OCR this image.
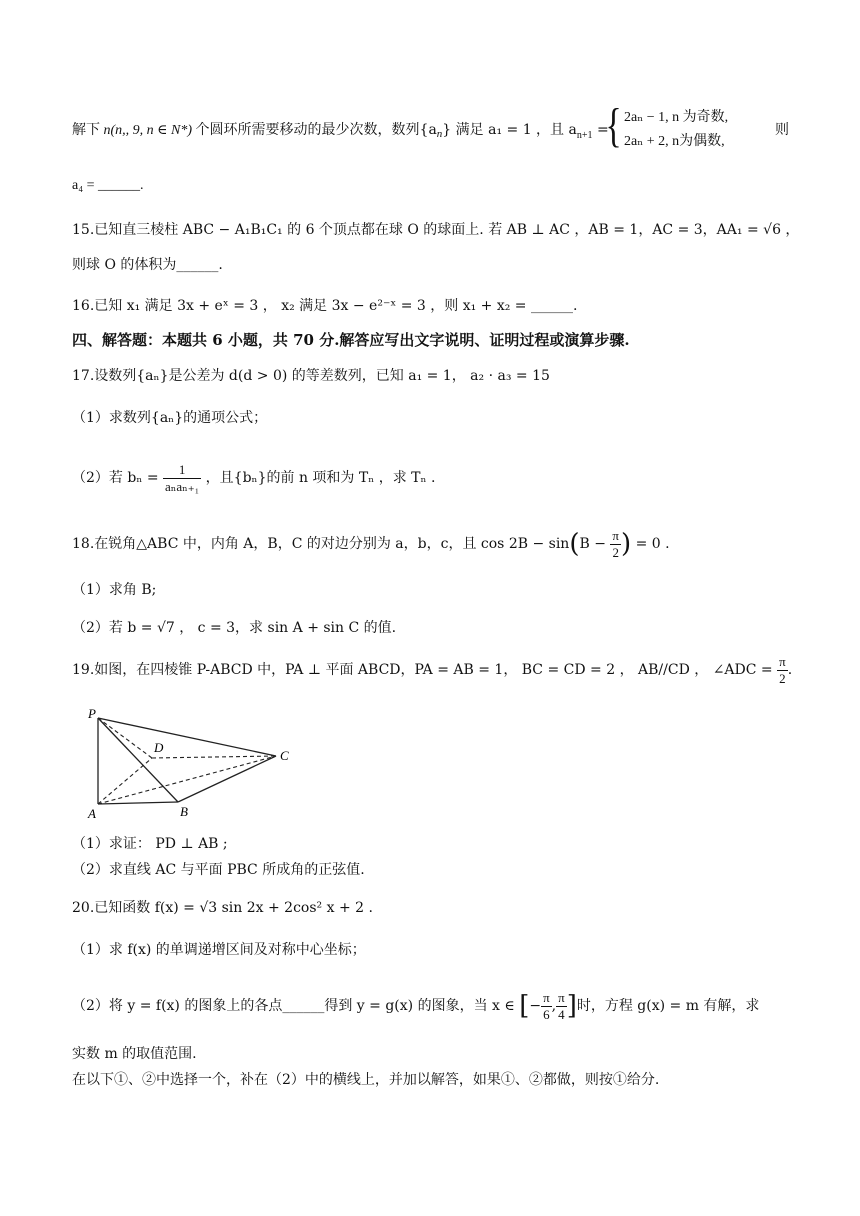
解下 n(n,, 9, n ∈ N*) 个圆环所需要移动的最少次数，数列$\{a_n\}$ 满足 a₁ = 1 ，且 $a_{n+1}$ =
{ 2aₙ − 1, n 为奇数,
2aₙ + 2, n为偶数,
则
a₄ = ______.
15.已知直三棱柱 ABC − A₁B₁C₁ 的 6 个顶点都在球 O 的球面上. 若 AB ⊥ AC ，AB = 1，AC = 3，AA₁ = √6 ，
则球 O 的体积为______.
16.已知 x₁ 满足 3x + eˣ = 3 ， x₂ 满足 3x − e²⁻ˣ = 3 ，则 x₁ + x₂ = ______.
四、解答题：本题共 6 小题，共 70 分.解答应写出文字说明、证明过程或演算步骤.
17.设数列{aₙ}是公差为 d(d > 0) 的等差数列，已知 a₁ = 1， a₂ · a₃ = 15
（1）求数列{aₙ}的通项公式；
（2）若 $b_n = \frac{1}{\text{aₙaₙ₊₁}}$ ，且{bₙ}的前 n 项和为 Tₙ ，求 Tₙ .
18.在锐角△ABC 中，内角 A，B，C 的对边分别为 a，b，c，且 $\cos 2B - \sin(B - \frac{\pi}{2}$ ) = 0 .
（1）求角 B;
（2）若 b = √7 ， c = 3，求 sin A + sin C 的值.
19.如图，在四棱锥 P-ABCD 中，PA ⊥ 平面 ABCD，PA = AB = 1， BC = CD = 2 ， AB//CD ， ∠ADC = $\frac{\pi}{2}$ .
P
D
C
A	B
（1）求证： PD ⊥ AB ;
（2）求直线 AC 与平面 PBC 所成角的正弦值.
20.已知函数 f(x) = √3 sin 2x + 2cos² x + 2 .
（1）求 f(x) 的单调递增区间及对称中心坐标；
（2）将 y = f(x) 的图象上的各点______得到 y = g(x) 的图象，当 x ∈ [− $\frac{\pi}{6}$ , $\frac{\pi}{4}$ ]时，方程 g(x) = m 有解，求
实数 m 的取值范围.
在以下①、②中选择一个，补在（2）中的横线上，并加以解答，如果①、②都做，则按①给分.
